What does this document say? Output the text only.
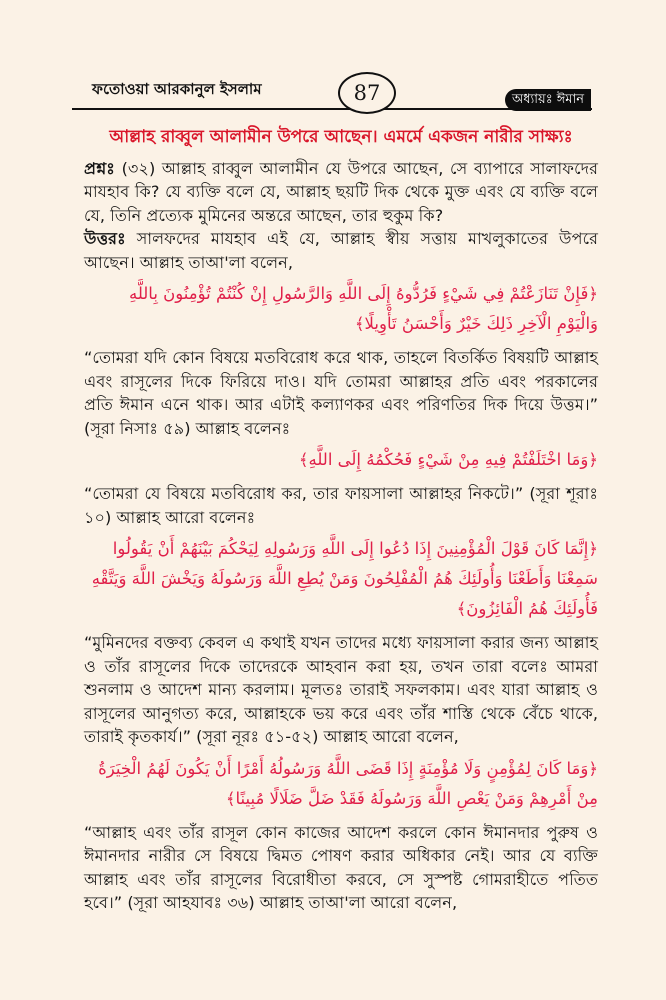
ফতোওয়া আরকানুল ইসলাম	87	অধ্যায়ঃ ঈমান
আল্লাহ রাব্বুল আলামীন উপরে আছেন। এমর্মে একজন নারীর সাক্ষ্যঃ

প্রশ্নঃ (৩২) আল্লাহ রাব্বুল আলামীন যে উপরে আছেন, সে ব্যাপারে সালাফদের মাযহাব কি? যে ব্যক্তি বলে যে, আল্লাহ ছয়টি দিক থেকে মুক্ত এবং যে ব্যক্তি বলে যে, তিনি প্রত্যেক মুমিনের অন্তরে আছেন, তার হুকুম কি?

উত্তরঃ সালফদের মাযহাব এই যে, আল্লাহ স্বীয় সত্তায় মাখলুকাতের উপরে আছেন। আল্লাহ তাআ'লা বলেন,

﴿فَإِنْ تَنَازَعْتُمْ فِي شَيْءٍ فَرُدُّوهُ إِلَى اللَّهِ وَالرَّسُولِ إِنْ كُنْتُمْ تُؤْمِنُونَ بِاللَّهِ وَالْيَوْمِ الْآخِرِ ذَلِكَ خَيْرٌ وَأَحْسَنُ تَأْوِيلًا﴾

“তোমরা যদি কোন বিষয়ে মতবিরোধ করে থাক, তাহলে বিতর্কিত বিষয়টি আল্লাহ এবং রাসূলের দিকে ফিরিয়ে দাও। যদি তোমরা আল্লাহর প্রতি এবং পরকালের প্রতি ঈমান এনে থাক। আর এটাই কল্যাণকর এবং পরিণতির দিক দিয়ে উত্তম।” (সূরা নিসাঃ ৫৯) আল্লাহ বলেনঃ

﴿وَمَا اخْتَلَفْتُمْ فِيهِ مِنْ شَيْءٍ فَحُكْمُهُ إِلَى اللَّهِ﴾

“তোমরা যে বিষয়ে মতবিরোধ কর, তার ফায়সালা আল্লাহর নিকটে।” (সূরা শূরাঃ ১০) আল্লাহ আরো বলেনঃ

﴿إِنَّمَا كَانَ قَوْلَ الْمُؤْمِنِينَ إِذَا دُعُوا إِلَى اللَّهِ وَرَسُولِهِ لِيَحْكُمَ بَيْنَهُمْ أَنْ يَقُولُوا سَمِعْنَا وَأَطَعْنَا وَأُولَئِكَ هُمُ الْمُفْلِحُونَ وَمَنْ يُطِعِ اللَّهَ وَرَسُولَهُ وَيَخْشَ اللَّهَ وَيَتَّقْهِ فَأُولَئِكَ هُمُ الْفَائِزُونَ﴾

“মুমিনদের বক্তব্য কেবল এ কথাই যখন তাদের মধ্যে ফায়সালা করার জন্য আল্লাহ ও তাঁর রাসূলের দিকে তাদেরকে আহবান করা হয়, তখন তারা বলেঃ আমরা শুনলাম ও আদেশ মান্য করলাম। মূলতঃ তারাই সফলকাম। এবং যারা আল্লাহ ও রাসূলের আনুগত্য করে, আল্লাহকে ভয় করে এবং তাঁর শাস্তি থেকে বেঁচে থাকে, তারাই কৃতকার্য।” (সূরা নূরঃ ৫১-৫২) আল্লাহ আরো বলেন,

﴿وَمَا كَانَ لِمُؤْمِنٍ وَلَا مُؤْمِنَةٍ إِذَا قَضَى اللَّهُ وَرَسُولُهُ أَمْرًا أَنْ يَكُونَ لَهُمُ الْخِيَرَةُ مِنْ أَمْرِهِمْ وَمَنْ يَعْصِ اللَّهَ وَرَسُولَهُ فَقَدْ ضَلَّ ضَلَالًا مُبِينًا﴾

“আল্লাহ এবং তাঁর রাসূল কোন কাজের আদেশ করলে কোন ঈমানদার পুরুষ ও ঈমানদার নারীর সে বিষয়ে দ্বিমত পোষণ করার অধিকার নেই। আর যে ব্যক্তি আল্লাহ এবং তাঁর রাসূলের বিরোধীতা করবে, সে সুস্পষ্ট গোমরাহীতে পতিত হবে।” (সূরা আহযাবঃ ৩৬) আল্লাহ তাআ'লা আরো বলেন,
